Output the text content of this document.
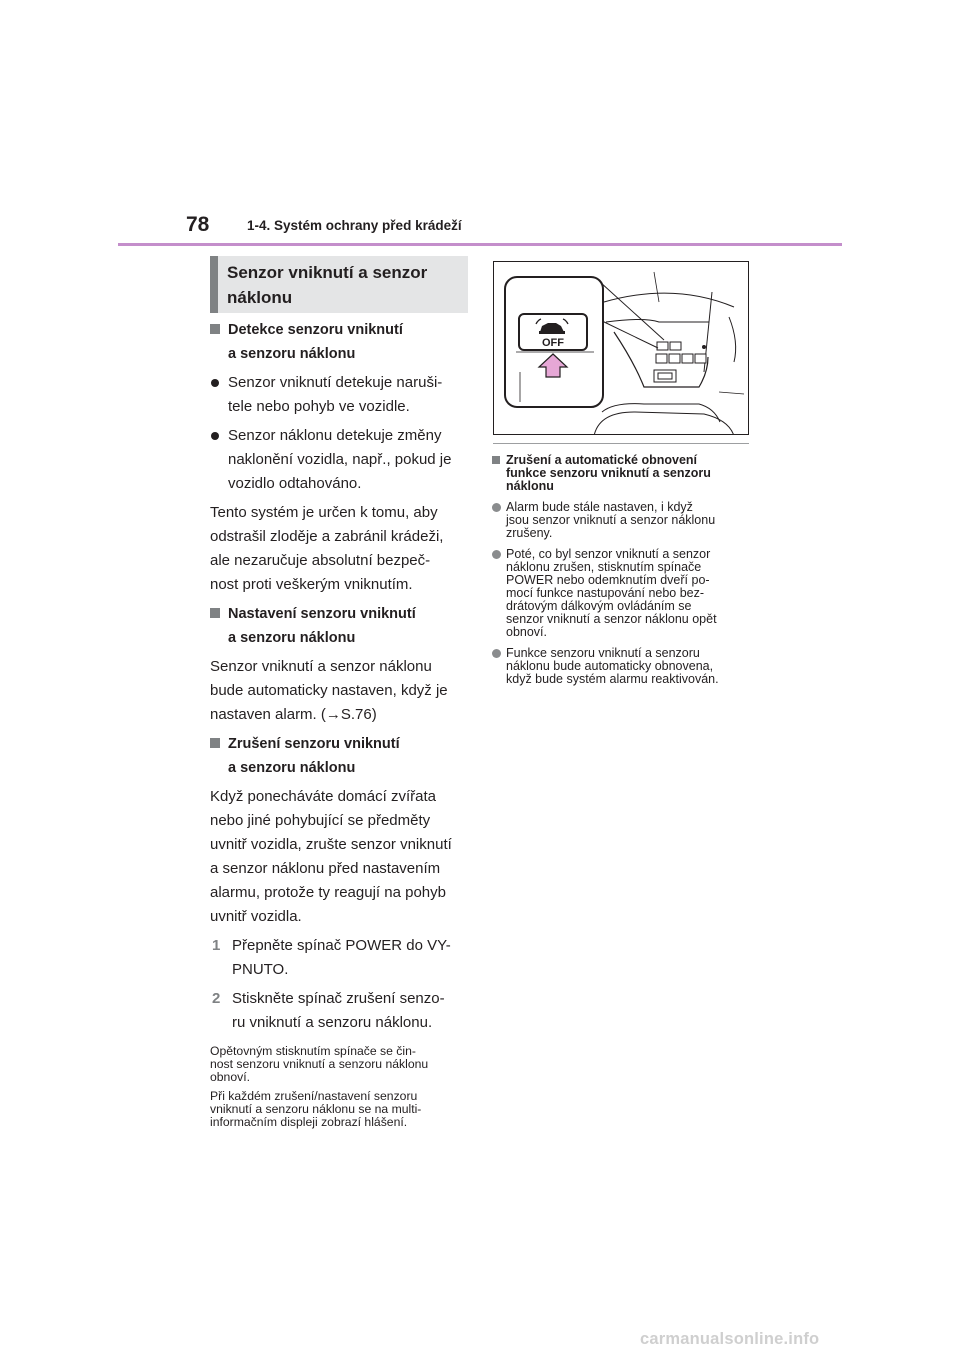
78	1-4. Systém ochrany před krádeží

Senzor vniknutí a senzor
náklonu

Detekce senzoru vniknutí
a senzoru náklonu
Senzor vniknutí detekuje naruši-
tele nebo pohyb ve vozidle.
Senzor náklonu detekuje změny
naklonění vozidla, např., pokud je
vozidlo odtahováno.
Tento systém je určen k tomu, aby
odstrašil zloděje a zabránil krádeži,
ale nezaručuje absolutní bezpeč-
nost proti veškerým vniknutím.
Nastavení senzoru vniknutí
a senzoru náklonu
Senzor vniknutí a senzor náklonu
bude automaticky nastaven, když je
nastaven alarm. (→S.76)
Zrušení senzoru vniknutí
a senzoru náklonu
Když ponecháváte domácí zvířata
nebo jiné pohybující se předměty
uvnitř vozidla, zrušte senzor vniknutí
a senzor náklonu před nastavením
alarmu, protože ty reagují na pohyb
uvnitř vozidla.
1 Přepněte spínač POWER do VY-
PNUTO.
2 Stiskněte spínač zrušení senzo-
ru vniknutí a senzoru náklonu.
Opětovným stisknutím spínače se čin-
nost senzoru vniknutí a senzoru náklonu
obnoví.
Při každém zrušení/nastavení senzoru
vniknutí a senzoru náklonu se na multi-
informačním displeji zobrazí hlášení.
OFF
Zrušení a automatické obnovení
funkce senzoru vniknutí a senzoru
náklonu
Alarm bude stále nastaven, i když
jsou senzor vniknutí a senzor náklonu
zrušeny.
Poté, co byl senzor vniknutí a senzor
náklonu zrušen, stisknutím spínače
POWER nebo odemknutím dveří po-
mocí funkce nastupování nebo bez-
drátovým dálkovým ovládáním se
senzor vniknutí a senzor náklonu opět
obnoví.
Funkce senzoru vniknutí a senzoru
náklonu bude automaticky obnovena,
když bude systém alarmu reaktivován.
carmanualsonline.info
